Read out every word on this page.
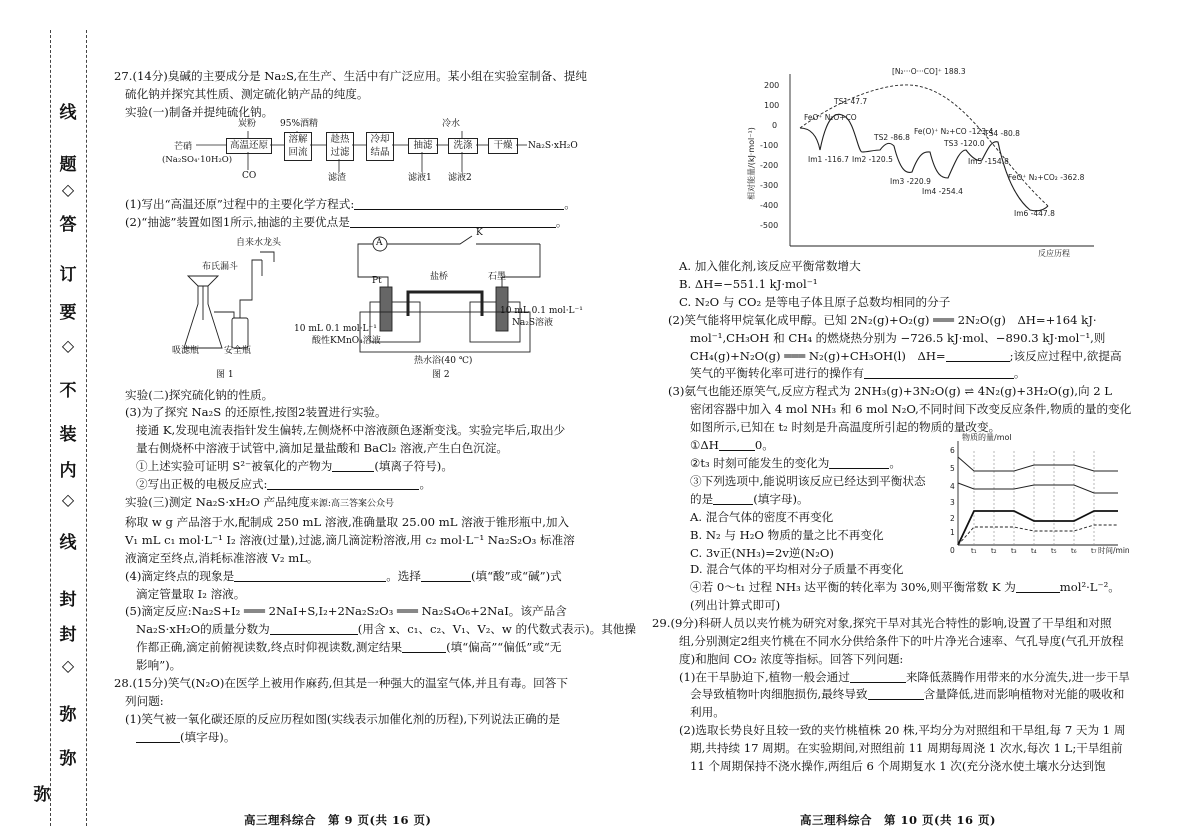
线
题
◇
答
订
要
◇
不
装
内
◇
线
封
封
◇
弥
弥
弥

27.(14分)臭碱的主要成分是 Na₂S,在生产、生活中有广泛应用。某小组在实验室制备、提纯

硫化钠并探究其性质、测定硫化钠产品的纯度。

实验(一)制备并提纯硫化钠。

芒硝
(Na₂SO₄·10H₂O)
炭粉	95%酒精	冷水
高温还原
溶解
回流
趁热
过滤
冷却
结晶
抽滤	洗涤	干燥	Na₂S·xH₂O
CO	滤渣	滤液1 滤液2

(1)写出“高温还原”过程中的主要化学方程式:	。

(2)“抽滤”装置如图1所示,抽滤的主要优点是	。

自来水龙头
布氏漏斗
吸滤瓶	安全瓶
图 1
A
K
Pt	盐桥	石墨
10 mL 0.1 mol·L⁻¹
Na₂S溶液
10 mL 0.1 mol·L⁻¹
酸性KMnO₄溶液
热水浴(40 ℃)
图 2

实验(二)探究硫化钠的性质。

(3)为了探究 Na₂S 的还原性,按图2装置进行实验。

接通 K,发现电流表指针发生偏转,左侧烧杯中溶液颜色逐渐变浅。实验完毕后,取出少

量右侧烧杯中溶液于试管中,滴加足量盐酸和 BaCl₂ 溶液,产生白色沉淀。

①上述实验可证明 S²⁻被氧化的产物为	(填离子符号)。

②写出正极的电极反应式:	。

实验(三)测定 Na₂S·xH₂O 产品纯度来源:高三答案公众号

称取 w g 产品溶于水,配制成 250 mL 溶液,准确量取 25.00 mL 溶液于锥形瓶中,加入

V₁ mL c₁ mol·L⁻¹ I₂ 溶液(过量),过滤,滴几滴淀粉溶液,用 c₂ mol·L⁻¹ Na₂S₂O₃ 标准溶

液滴定至终点,消耗标准溶液 V₂ mL。

(4)滴定终点的现象是	。选择	(填“酸”或“碱”)式

滴定管量取 I₂ 溶液。

(5)滴定反应:Na₂S+I₂ ═══ 2NaI+S,I₂+2Na₂S₂O₃ ═══ Na₂S₄O₆+2NaI。该产品含

Na₂S·xH₂O的质量分数为	(用含 x、c₁、c₂、V₁、V₂、w 的代数式表示)。其他操

作都正确,滴定前俯视读数,终点时仰视读数,测定结果	(填“偏高”“偏低”或“无

影响”)。

28.(15分)笑气(N₂O)在医学上被用作麻药,但其是一种强大的温室气体,并且有毒。回答下

列问题:

(1)笑气被一氧化碳还原的反应历程如图(实线表示加催化剂的历程),下列说法正确的是

(填字母)。

高三理科综合　第 9 页(共 16 页)
200
100
0
-100
-200
-300
-400
-500
反应历程
相对能量/(kJ·mol⁻¹)
FeO⁺ N₂O+CO
TS1 47.7
Im1 -116.7 Im2 -120.5
TS2 -86.8
Im3 -220.9
Fe(O)⁺ N₂+CO -123.4
Im4 -254.4
TS3 -120.0
Im5 -154.8
TS4 -80.8
FeO⁺ N₂+CO₂ -362.8
Im6 -447.8
[N₂···O···CO]⁺ 188.3

A. 加入催化剂,该反应平衡常数增大

B. ΔH=−551.1 kJ·mol⁻¹

C. N₂O 与 CO₂ 是等电子体且原子总数均相同的分子

(2)笑气能将甲烷氧化成甲醇。已知 2N₂(g)+O₂(g) ═══ 2N₂O(g)　ΔH=+164 kJ·

mol⁻¹,CH₃OH 和 CH₄ 的燃烧热分别为 −726.5 kJ·mol、−890.3 kJ·mol⁻¹,则

CH₄(g)+N₂O(g) ═══ N₂(g)+CH₃OH(l)　ΔH=	;该反应过程中,欲提高

笑气的平衡转化率可进行的操作有	。

(3)氨气也能还原笑气,反应方程式为 2NH₃(g)+3N₂O(g) ⇌ 4N₂(g)+3H₂O(g),向 2 L

密闭容器中加入 4 mol NH₃ 和 6 mol N₂O,不同时间下改变反应条件,物质的量的变化

如图所示,已知在 t₂ 时刻是升高温度所引起的物质的量改变。

①ΔH	0。

②t₃ 时刻可能发生的变化为	。

③下列选项中,能说明该反应已经达到平衡状态

的是	(填字母)。

A. 混合气体的密度不再变化

B. N₂ 与 H₂O 物质的量之比不再变化

C. 3v正(NH₃)=2v逆(N₂O)

6
5
4
3
2
1
0 t₁ t₂ t₃ t₄ t₅ t₆ t₇
物质的量/mol
时间/min

D. 混合气体的平均相对分子质量不再变化

④若 0～t₁ 过程 NH₃ 达平衡的转化率为 30%,则平衡常数 K 为	mol²·L⁻²。

(列出计算式即可)

29.(9分)科研人员以夹竹桃为研究对象,探究干旱对其光合特性的影响,设置了干旱组和对照

组,分别测定2组夹竹桃在不同水分供给条件下的叶片净光合速率、气孔导度(气孔开放程

度)和胞间 CO₂ 浓度等指标。回答下列问题:

(1)在干旱胁迫下,植物一般会通过	来降低蒸腾作用带来的水分流失,进一步干旱

会导致植物叶肉细胞损伤,最终导致	含量降低,进而影响植物对光能的吸收和

利用。

(2)选取长势良好且较一致的夹竹桃植株 20 株,平均分为对照组和干旱组,每 7 天为 1 周

期,共持续 17 周期。在实验期间,对照组前 11 周期每周浇 1 次水,每次 1 L;干旱组前

11 个周期保持不浇水操作,两组后 6 个周期复水 1 次(充分浇水使土壤水分达到饱

高三理科综合　第 10 页(共 16 页)
